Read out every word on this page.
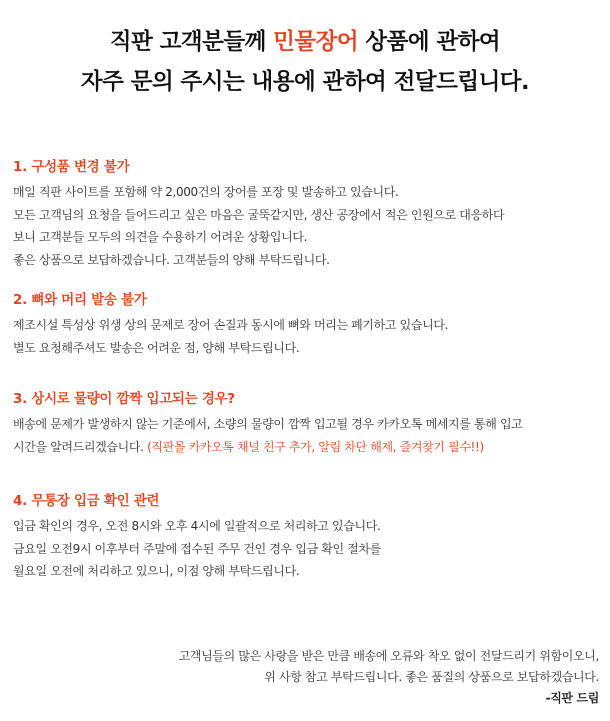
직판 고객분들께 민물장어 상품에 관하여
자주 문의 주시는 내용에 관하여 전달드립니다.
1. 구성품 변경 불가
매일 직판 사이트를 포함해 약 2,000건의 장어를 포장 및 발송하고 있습니다.
모든 고객님의 요청을 들어드리고 싶은 마음은 굴뚝같지만, 생산 공장에서 적은 인원으로 대응하다
보니 고객분들 모두의 의견을 수용하기 어려운 상황입니다.
좋은 상품으로 보답하겠습니다. 고객분들의 양해 부탁드립니다.
2. 뼈와 머리 발송 불가
제조시설 특성상 위생 상의 문제로 장어 손질과 동시에 뼈와 머리는 폐기하고 있습니다.
별도 요청해주셔도 발송은 어려운 점, 양해 부탁드립니다.
3. 상시로 물량이 깜짝 입고되는 경우?
배송에 문제가 발생하지 않는 기준에서, 소량의 물량이 깜짝 입고될 경우 카카오톡 메세지를 통해 입고
시간을 알려드리겠습니다. (직판몰 카카오톡 채널 친구 추가, 알림 차단 해제, 즐겨찾기 필수!!)
4. 무통장 입금 확인 관련
입금 확인의 경우, 오전 8시와 오후 4시에 일괄적으로 처리하고 있습니다.
금요일 오전9시 이후부터 주말에 접수된 주무 건인 경우 입금 확인 절차를
월요일 오전에 처리하고 있으니, 이점 양해 부탁드립니다.
고객님들의 많은 사랑을 받은 만큼 배송에 오류와 착오 없이 전달드리기 위함이오니,
위 사항 참고 부탁드립니다. 좋은 품질의 상품으로 보답하겠습니다.
-직판 드림
